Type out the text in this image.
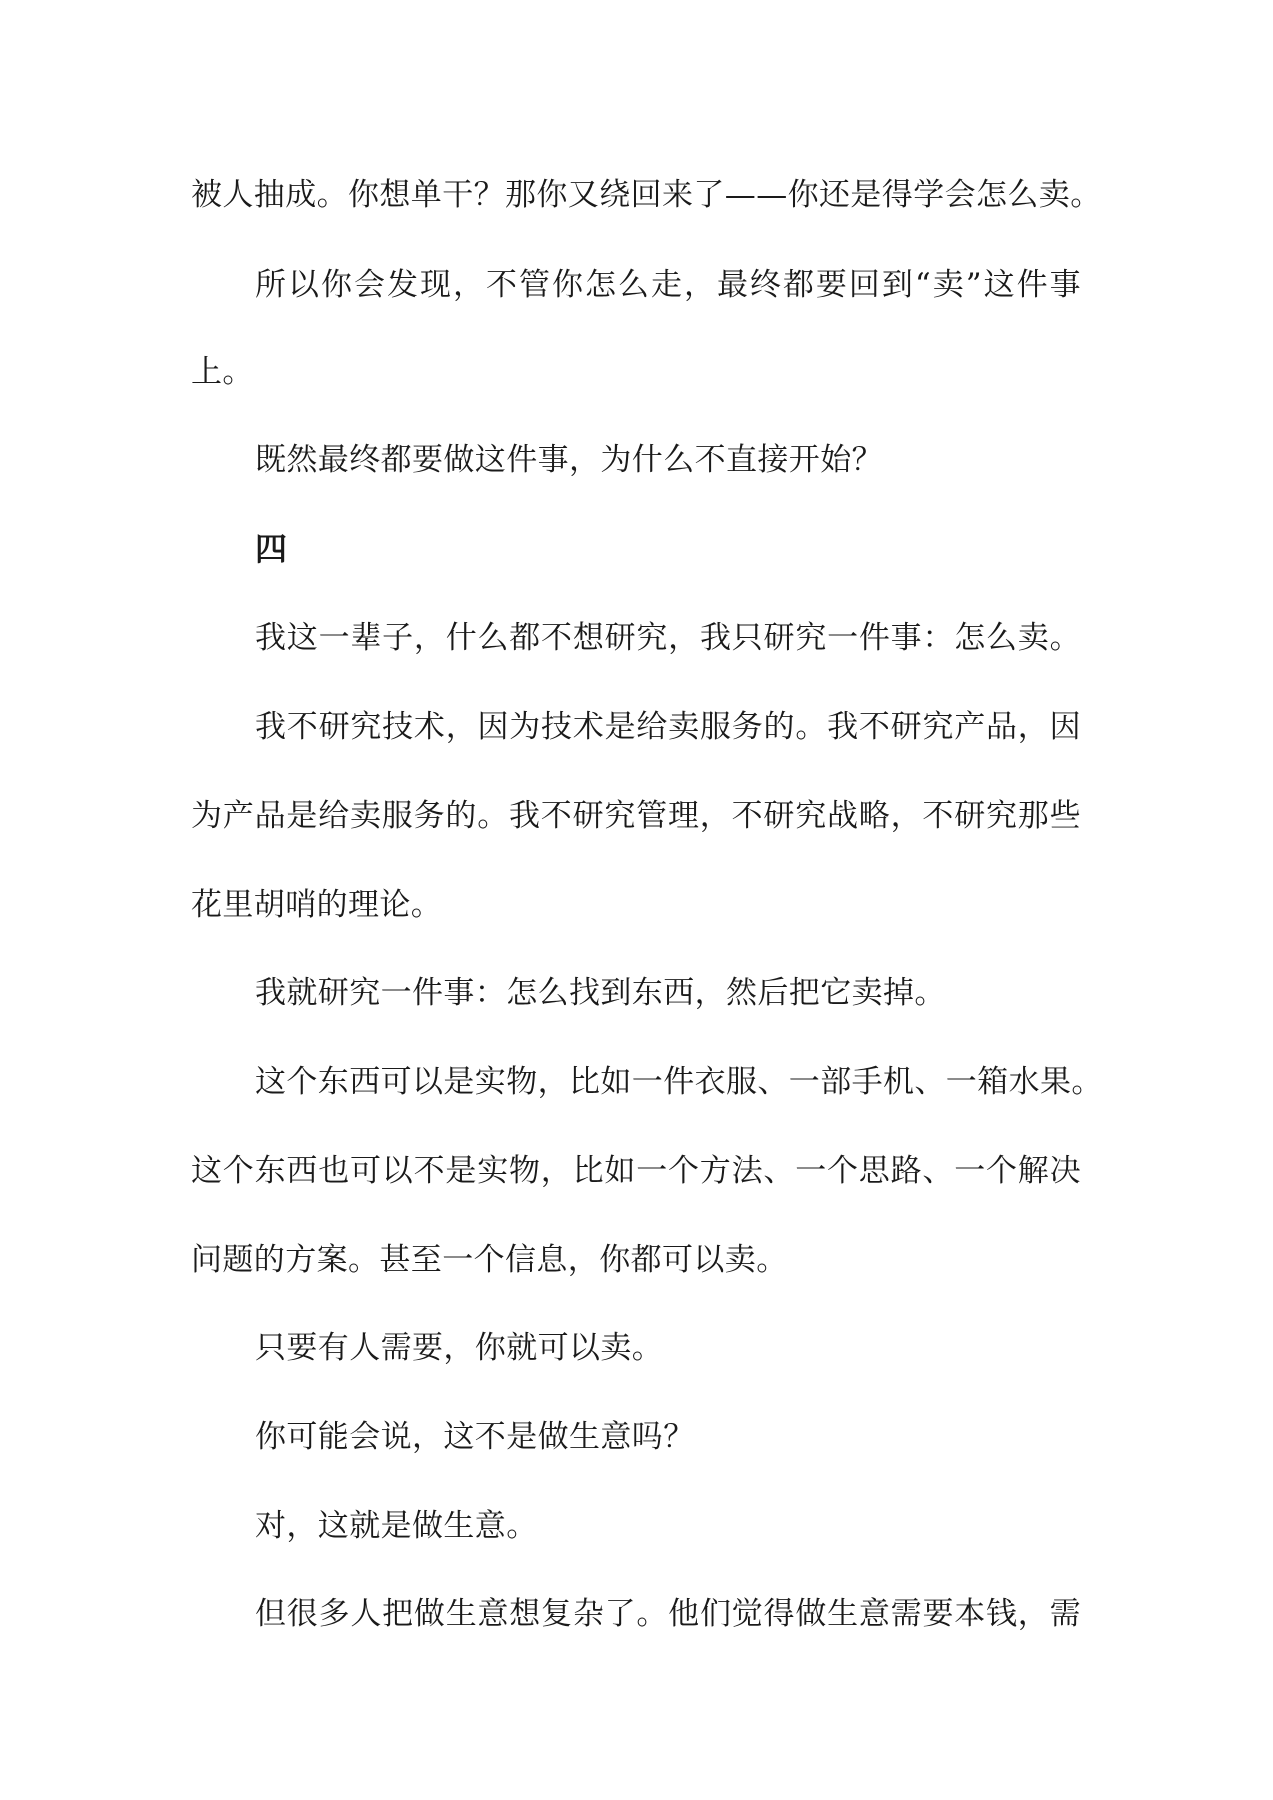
被人抽成。你想单干？那你又绕回来了——你还是得学会怎么卖。
所以你会发现，不管你怎么走，最终都要回到“卖”这件事
上。
既然最终都要做这件事，为什么不直接开始？
四
我这一辈子，什么都不想研究，我只研究一件事：怎么卖。
我不研究技术，因为技术是给卖服务的。我不研究产品，因
为产品是给卖服务的。我不研究管理，不研究战略，不研究那些
花里胡哨的理论。
我就研究一件事：怎么找到东西，然后把它卖掉。
这个东西可以是实物，比如一件衣服、一部手机、一箱水果。
这个东西也可以不是实物，比如一个方法、一个思路、一个解决
问题的方案。甚至一个信息，你都可以卖。
只要有人需要，你就可以卖。
你可能会说，这不是做生意吗？
对，这就是做生意。
但很多人把做生意想复杂了。他们觉得做生意需要本钱，需
